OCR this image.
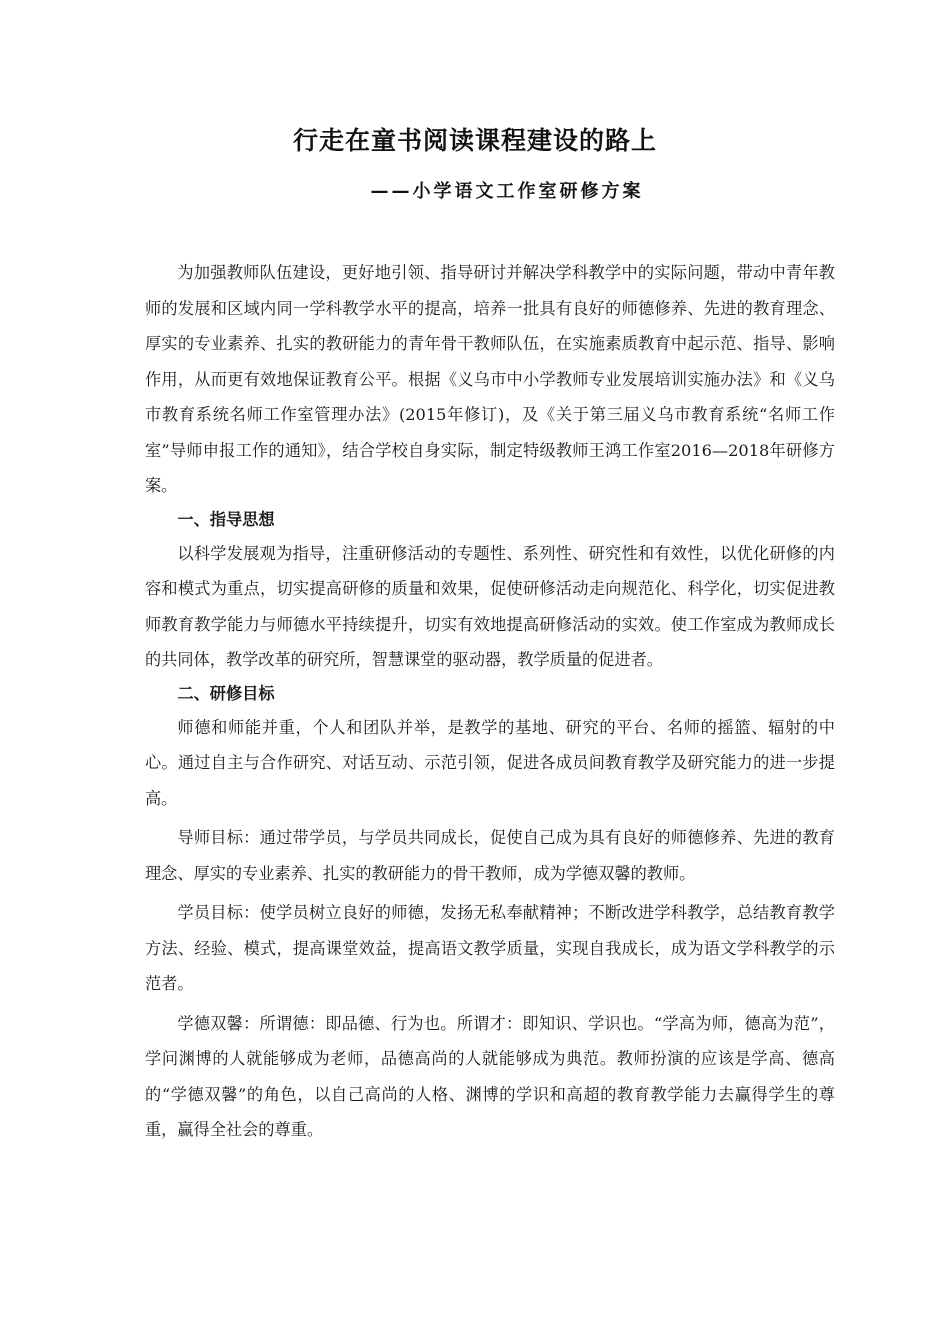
行走在童书阅读课程建设的路上
——小学语文工作室研修方案

为加强教师队伍建设，更好地引领、指导研讨并解决学科教学中的实际问题，带动中青年教师的发展和区域内同一学科教学水平的提高，培养一批具有良好的师德修养、先进的教育理念、厚实的专业素养、扎实的教研能力的青年骨干教师队伍，在实施素质教育中起示范、指导、影响作用，从而更有效地保证教育公平。根据《义乌市中小学教师专业发展培训实施办法》和《义乌市教育系统名师工作室管理办法》(2015年修订)，及《关于第三届义乌市教育系统“名师工作室”导师申报工作的通知》，结合学校自身实际，制定特级教师王鸿工作室2016—2018年研修方案。

一、指导思想

以科学发展观为指导，注重研修活动的专题性、系列性、研究性和有效性，以优化研修的内容和模式为重点，切实提高研修的质量和效果，促使研修活动走向规范化、科学化，切实促进教师教育教学能力与师德水平持续提升，切实有效地提高研修活动的实效。使工作室成为教师成长的共同体，教学改革的研究所，智慧课堂的驱动器，教学质量的促进者。

二、研修目标

师德和师能并重，个人和团队并举，是教学的基地、研究的平台、名师的摇篮、辐射的中心。通过自主与合作研究、对话互动、示范引领，促进各成员间教育教学及研究能力的进一步提高。

导师目标：通过带学员，与学员共同成长，促使自己成为具有良好的师德修养、先进的教育理念、厚实的专业素养、扎实的教研能力的骨干教师，成为学德双馨的教师。

学员目标：使学员树立良好的师德，发扬无私奉献精神；不断改进学科教学，总结教育教学方法、经验、模式，提高课堂效益，提高语文教学质量，实现自我成长，成为语文学科教学的示范者。

学德双馨：所谓德：即品德、行为也。所谓才：即知识、学识也。“学高为师，德高为范”，学问渊博的人就能够成为老师，品德高尚的人就能够成为典范。教师扮演的应该是学高、德高的“学德双馨”的角色，以自己高尚的人格、渊博的学识和高超的教育教学能力去赢得学生的尊重，赢得全社会的尊重。
